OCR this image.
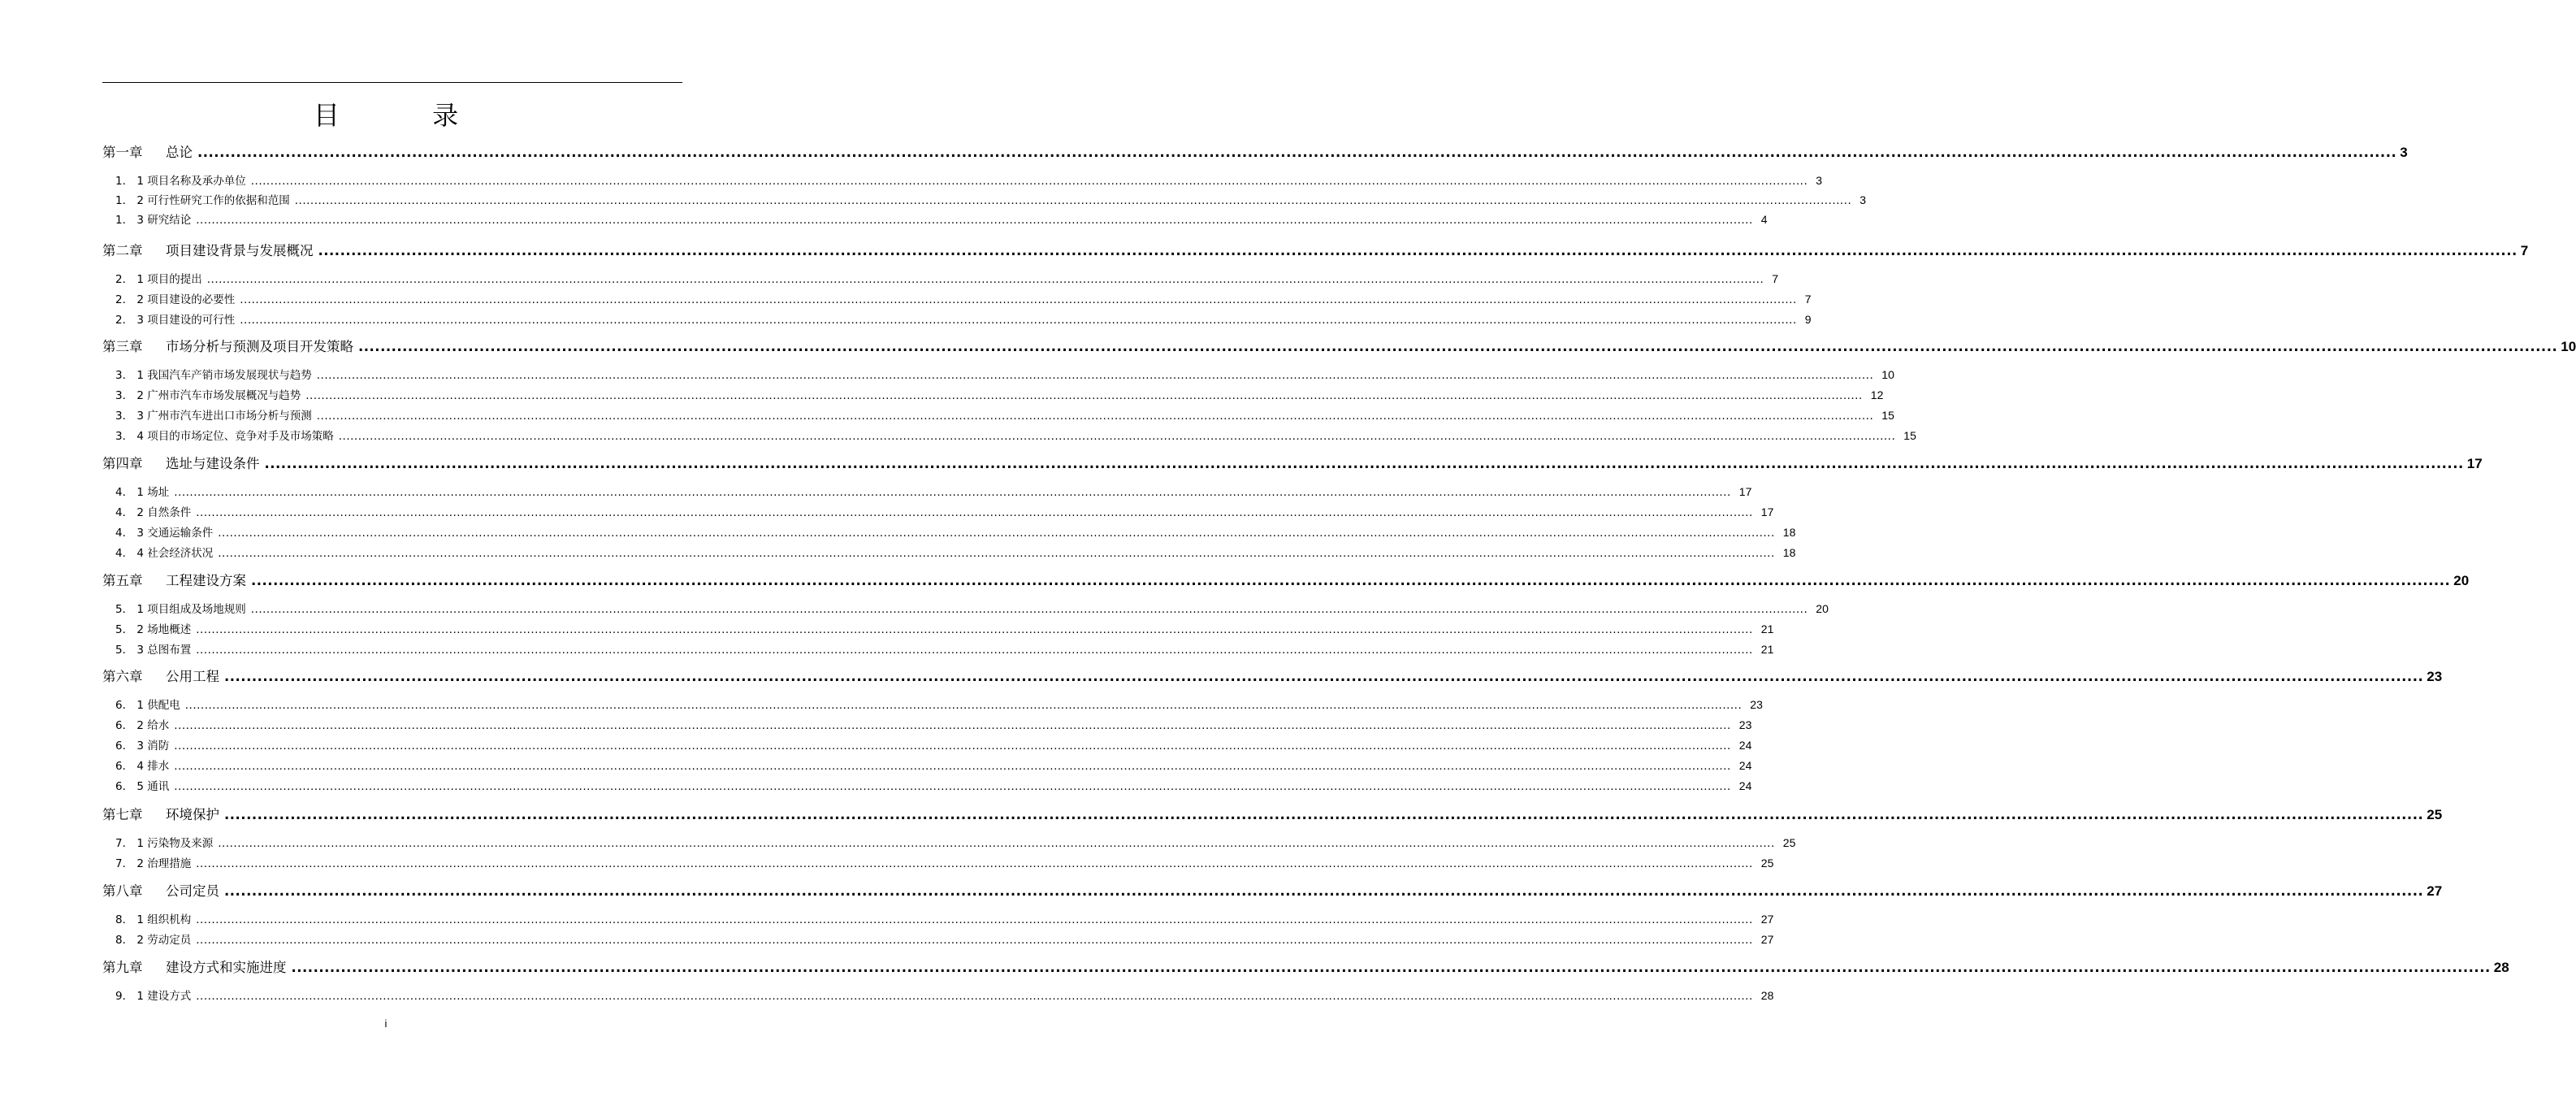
目 录
第一章	总论 ................................................................................................................................................................................................................................................................................................................................................................................................................ 3
1． 1 项目名称及承办单位 ................................................................................................................................................................................................................................................................................................................................................................................................................ 3
1． 2 可行性研究工作的依据和范围 ................................................................................................................................................................................................................................................................................................................................................................................................................ 3
1． 3 研究结论 ................................................................................................................................................................................................................................................................................................................................................................................................................ 4
第二章	项目建设背景与发展概况 ................................................................................................................................................................................................................................................................................................................................................................................................................ 7
2． 1 项目的提出 ................................................................................................................................................................................................................................................................................................................................................................................................................ 7
2． 2 项目建设的必要性 ................................................................................................................................................................................................................................................................................................................................................................................................................ 7
2． 3 项目建设的可行性 ................................................................................................................................................................................................................................................................................................................................................................................................................ 9
第三章	市场分析与预测及项目开发策略 ................................................................................................................................................................................................................................................................................................................................................................................................................ 10
3． 1 我国汽车产销市场发展现状与趋势 ................................................................................................................................................................................................................................................................................................................................................................................................................ 10
3． 2 广州市汽车市场发展概况与趋势 ................................................................................................................................................................................................................................................................................................................................................................................................................ 12
3． 3 广州市汽车进出口市场分析与预测 ................................................................................................................................................................................................................................................................................................................................................................................................................ 15
3． 4 项目的市场定位、竞争对手及市场策略 ................................................................................................................................................................................................................................................................................................................................................................................................................ 15
第四章	选址与建设条件 ................................................................................................................................................................................................................................................................................................................................................................................................................ 17
4． 1 场址 ................................................................................................................................................................................................................................................................................................................................................................................................................ 17
4． 2 自然条件 ................................................................................................................................................................................................................................................................................................................................................................................................................ 17
4． 3 交通运输条件 ................................................................................................................................................................................................................................................................................................................................................................................................................ 18
4． 4 社会经济状况 ................................................................................................................................................................................................................................................................................................................................................................................................................ 18
第五章	工程建设方案 ................................................................................................................................................................................................................................................................................................................................................................................................................ 20
5． 1 项目组成及场地规则 ................................................................................................................................................................................................................................................................................................................................................................................................................ 20
5． 2 场地概述 ................................................................................................................................................................................................................................................................................................................................................................................................................ 21
5． 3 总图布置 ................................................................................................................................................................................................................................................................................................................................................................................................................ 21
第六章	公用工程 ................................................................................................................................................................................................................................................................................................................................................................................................................ 23
6． 1 供配电 ................................................................................................................................................................................................................................................................................................................................................................................................................ 23
6． 2 给水 ................................................................................................................................................................................................................................................................................................................................................................................................................ 23
6． 3 消防 ................................................................................................................................................................................................................................................................................................................................................................................................................ 24
6． 4 排水 ................................................................................................................................................................................................................................................................................................................................................................................................................ 24
6． 5 通讯 ................................................................................................................................................................................................................................................................................................................................................................................................................ 24
第七章	环境保护 ................................................................................................................................................................................................................................................................................................................................................................................................................ 25
7． 1 污染物及来源 ................................................................................................................................................................................................................................................................................................................................................................................................................ 25
7． 2 治理措施 ................................................................................................................................................................................................................................................................................................................................................................................................................ 25
第八章	公司定员 ................................................................................................................................................................................................................................................................................................................................................................................................................ 27
8． 1 组织机构 ................................................................................................................................................................................................................................................................................................................................................................................................................ 27
8． 2 劳动定员 ................................................................................................................................................................................................................................................................................................................................................................................................................ 27
第九章	建设方式和实施进度 ................................................................................................................................................................................................................................................................................................................................................................................................................ 28
9． 1 建设方式 ................................................................................................................................................................................................................................................................................................................................................................................................................ 28
i
